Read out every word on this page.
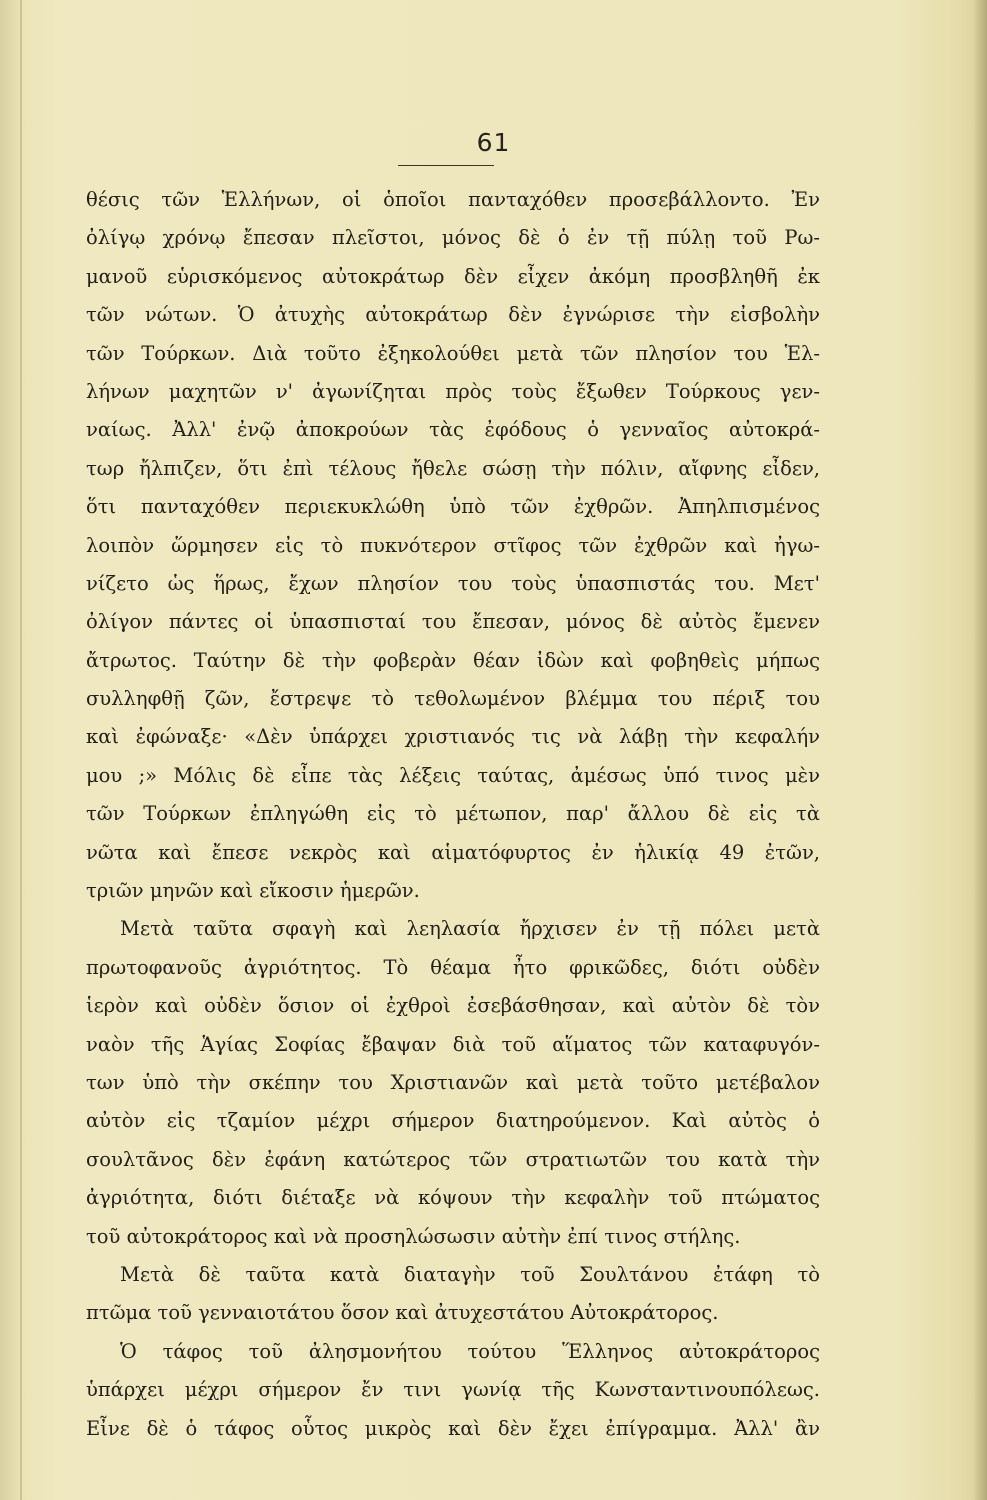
61
θέσις τῶν Ἑλλήνων, οἱ ὁποῖοι πανταχόθεν προσεβάλλοντο. Ἐν
ὀλίγῳ χρόνῳ ἔπεσαν πλεῖστοι, μόνος δὲ ὁ ἐν τῇ πύλῃ τοῦ Ρω-
μανοῦ εὑρισκόμενος αὐτοκράτωρ δὲν εἶχεν ἀκόμη προσβληθῆ ἐκ
τῶν νώτων. Ὁ ἀτυχὴς αὐτοκράτωρ δὲν ἐγνώρισε τὴν εἰσβολὴν
τῶν Τούρκων. Διὰ τοῦτο ἐξηκολούθει μετὰ τῶν πλησίον του Ἑλ-
λήνων μαχητῶν ν' ἀγωνίζηται πρὸς τοὺς ἔξωθεν Τούρκους γεν-
ναίως. Ἀλλ' ἐνῷ ἀποκρούων τὰς ἐφόδους ὁ γενναῖος αὐτοκρά-
τωρ ἤλπιζεν, ὅτι ἐπὶ τέλους ἤθελε σώσῃ τὴν πόλιν, αἴφνης εἶδεν,
ὅτι πανταχόθεν περιεκυκλώθη ὑπὸ τῶν ἐχθρῶν. Ἀπηλπισμένος
λοιπὸν ὥρμησεν εἰς τὸ πυκνότερον στῖφος τῶν ἐχθρῶν καὶ ἠγω-
νίζετο ὡς ἥρως, ἔχων πλησίον του τοὺς ὑπασπιστάς του. Μετ'
ὀλίγον πάντες οἱ ὑπασπισταί του ἔπεσαν, μόνος δὲ αὐτὸς ἔμενεν
ἄτρωτος. Ταύτην δὲ τὴν φοβερὰν θέαν ἰδὼν καὶ φοβηθεὶς μήπως
συλληφθῇ ζῶν, ἔστρεψε τὸ τεθολωμένον βλέμμα του πέριξ του
καὶ ἐφώναξε· «Δὲν ὑπάρχει χριστιανός τις νὰ λάβῃ τὴν κεφαλήν
μου ;» Μόλις δὲ εἶπε τὰς λέξεις ταύτας, ἀμέσως ὑπό τινος μὲν
τῶν Τούρκων ἐπληγώθη εἰς τὸ μέτωπον, παρ' ἄλλου δὲ εἰς τὰ
νῶτα καὶ ἔπεσε νεκρὸς καὶ αἱματόφυρτος ἐν ἡλικίᾳ 49 ἐτῶν,
τριῶν μηνῶν καὶ εἴκοσιν ἡμερῶν.
Μετὰ ταῦτα σφαγὴ καὶ λεηλασία ἤρχισεν ἐν τῇ πόλει μετὰ
πρωτοφανοῦς ἀγριότητος. Τὸ θέαμα ἦτο φρικῶδες, διότι οὐδὲν
ἱερὸν καὶ οὐδὲν ὅσιον οἱ ἐχθροὶ ἐσεβάσθησαν, καὶ αὐτὸν δὲ τὸν
ναὸν τῆς Ἁγίας Σοφίας ἔβαψαν διὰ τοῦ αἵματος τῶν καταφυγόν-
των ὑπὸ τὴν σκέπην του Χριστιανῶν καὶ μετὰ τοῦτο μετέβαλον
αὐτὸν εἰς τζαμίον μέχρι σήμερον διατηρούμενον. Καὶ αὐτὸς ὁ
σουλτᾶνος δὲν ἐφάνη κατώτερος τῶν στρατιωτῶν του κατὰ τὴν
ἀγριότητα, διότι διέταξε νὰ κόψουν τὴν κεφαλὴν τοῦ πτώματος
τοῦ αὐτοκράτορος καὶ νὰ προσηλώσωσιν αὐτὴν ἐπί τινος στήλης.
Μετὰ δὲ ταῦτα κατὰ διαταγὴν τοῦ Σουλτάνου ἐτάφη τὸ
πτῶμα τοῦ γενναιοτάτου ὅσον καὶ ἀτυχεστάτου Αὐτοκράτορος.
Ὁ τάφος τοῦ ἀλησμονήτου τούτου Ἕλληνος αὐτοκράτορος
ὑπάρχει μέχρι σήμερον ἔν τινι γωνίᾳ τῆς Κωνσταντινουπόλεως.
Εἶνε δὲ ὁ τάφος οὗτος μικρὸς καὶ δὲν ἔχει ἐπίγραμμα. Ἀλλ' ἂν
